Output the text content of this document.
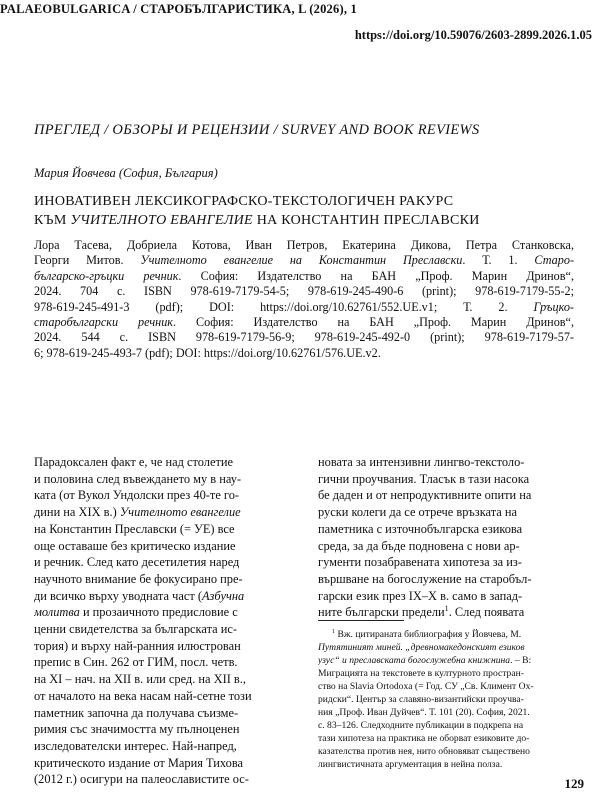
PALAEOBULGARICA / СТАРОБЪЛГАРИСТИКА, L (2026), 1
https://doi.org/10.59076/2603-2899.2026.1.05
ПРЕГЛЕД / ОБЗОРЫ И РЕЦЕНЗИИ / SURVEY AND BOOK REVIEWS
Мария Йовчева (София, България)
ИНОВАТИВЕН ЛЕКСИКОГРАФСКО-ТЕКСТОЛОГИЧЕН РАКУРС
КЪМ УЧИТЕЛНОТО ЕВАНГЕЛИЕ НА КОНСТАНТИН ПРЕСЛАВСКИ
Лора Тасева, Добриела Котова, Иван Петров, Екатерина Дикова, Петра Станковска,
Георги Митов. Учителното евангелие на Константин Преславски. Т. 1. Старо-
българско-гръцки речник. София: Издателство на БАН „Проф. Марин Дринов“,
2024. 704 с. ISBN 978-619-7179-54-5; 978-619-245-490-6 (print); 978-619-7179-55-2;
978-619-245-491-3 (pdf); DOI: https://doi.org/10.62761/552.UE.v1; Т. 2. Гръцко-
старобългарски речник. София: Издателство на БАН „Проф. Марин Дринов“,
2024. 544 с. ISBN 978-619-7179-56-9; 978-619-245-492-0 (print); 978-619-7179-57-
6; 978-619-245-493-7 (pdf); DOI: https://doi.org/10.62761/576.UE.v2.
Парадоксален факт е, че над столетие
и половина след въвеждането му в нау-
ката (от Вукол Ундолски през 40-те го-
дини на XIX в.) Учителното евангелие
на Константин Преславски (= УЕ) все
още оставаше без критическо издание
и речник. След като десетилетия наред
научното внимание бе фокусирано пре-
ди всичко върху уводната част (Азбучна
молитва и прозаичното предисловие с
ценни свидетелства за българската ис-
тория) и върху най-ранния илюстрован
препис в Син. 262 от ГИМ, посл. четв.
на XI – нач. на XII в. или сред. на XII в.,
от началото на века насам най-сетне този
паметник започна да получава съизме-
римия със значимостта му пълноценен
изследователски интерес. Най-напред,
критическото издание от Мария Тихова
(2012 г.) осигури на палеославистите ос-
новата за интензивни лингво-текстоло-
гични проучвания. Тласък в тази насока
бе даден и от непродуктивните опити на
руски колеги да се отрече връзката на
паметника с източнобългарска езикова
среда, за да бъде подновена с нови ар-
гументи позабравената хипотеза за из-
вършване на богослужение на старобъл-
гарски език през IX–X в. само в запад-
ните български предели$^1$. След появата
$^1$ Вж. цитираната библиография у Йовчева, М.
Путятиният миней. „древномакедонският езиков
узус“ и преславската богослужебна книжнина. – В:
Миграцията на текстовете в културното простран-
ство на Slavia Ortodoxa (= Год. СУ „Св. Климент Ох-
ридски“. Център за славяно-византийски проучва-
ния „Проф. Иван Дуйчев“. Т. 101 (20). София, 2021.
с. 83–126. Следходните публикации в подкрепа на
тази хипотеза на практика не оборват езиковите до-
казателства против нея, нито обновяват съществено
лингвистичната аргументация в нейна полза.
129
